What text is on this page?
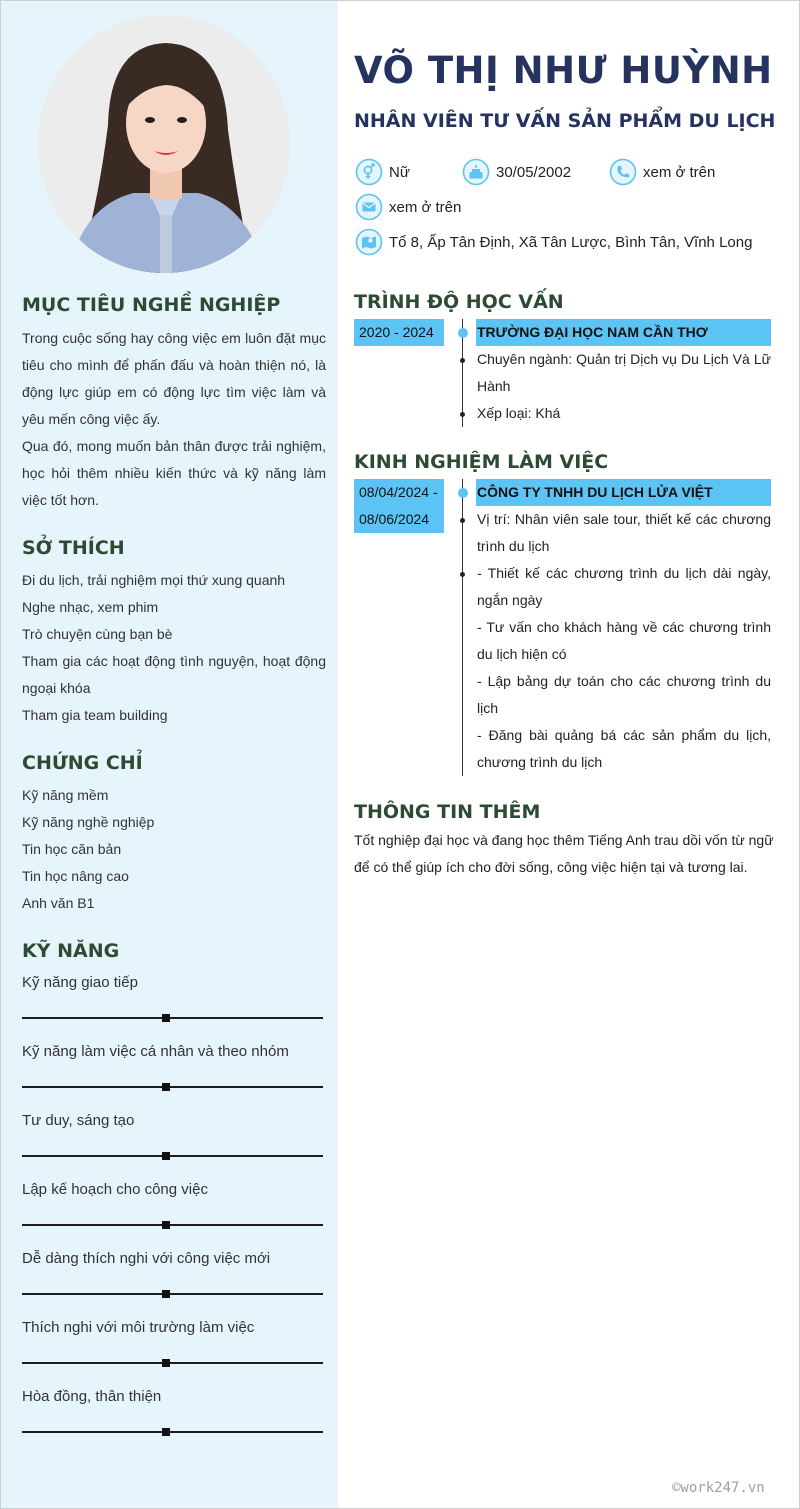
MỤC TIÊU NGHỀ NGHIỆP

Trong cuộc sống hay công việc em luôn đặt mục tiêu cho mình để phấn đấu và hoàn thiện nó, là động lực giúp em có động lực tìm việc làm và yêu mến công việc ấy.

Qua đó, mong muốn bản thân được trải nghiệm, học hỏi thêm nhiều kiến thức và kỹ năng làm việc tốt hơn.

SỞ THÍCH
Đi du lịch, trải nghiệm mọi thứ xung quanh
Nghe nhạc, xem phim
Trò chuyện cùng bạn bè
Tham gia các hoạt động tình nguyện, hoạt động ngoại khóa
Tham gia team building
CHỨNG CHỈ
Kỹ năng mềm
Kỹ năng nghề nghiệp
Tin học căn bản
Tin học nâng cao
Anh văn B1
KỸ NĂNG
Kỹ năng giao tiếp
Kỹ năng làm việc cá nhân và theo nhóm
Tư duy, sáng tạo
Lập kế hoạch cho công việc
Dễ dàng thích nghi với công việc mới
Thích nghi với môi trường làm việc
Hòa đồng, thân thiện
VÕ THỊ NHƯ HUỲNH
NHÂN VIÊN TƯ VẤN SẢN PHẨM DU LỊCH
Nữ	30/05/2002	xem ở trên
xem ở trên
Tổ 8, Ấp Tân Định, Xã Tân Lược, Bình Tân, Vĩnh Long
TRÌNH ĐỘ HỌC VẤN
2020 - 2024	TRƯỜNG ĐẠI HỌC NAM CẦN THƠ

Chuyên ngành: Quản trị Dịch vụ Du Lịch Và Lữ Hành

Xếp loại: Khá

KINH NGHIỆM LÀM VIỆC
08/04/2024 -
08/06/2024
CÔNG TY TNHH DU LỊCH LỬA VIỆT

Vị trí: Nhân viên sale tour, thiết kế các chương trình du lịch

- Thiết kế các chương trình du lịch dài ngày, ngắn ngày

- Tư vấn cho khách hàng về các chương trình du lịch hiện có

- Lập bảng dự toán cho các chương trình du lịch

- Đăng bài quảng bá các sản phẩm du lịch, chương trình du lịch

THÔNG TIN THÊM
Tốt nghiệp đại học và đang học thêm Tiếng Anh trau dồi vốn từ ngữ để có thể giúp ích cho đời sống, công việc hiện tại và tương lai.
©work247.vn
